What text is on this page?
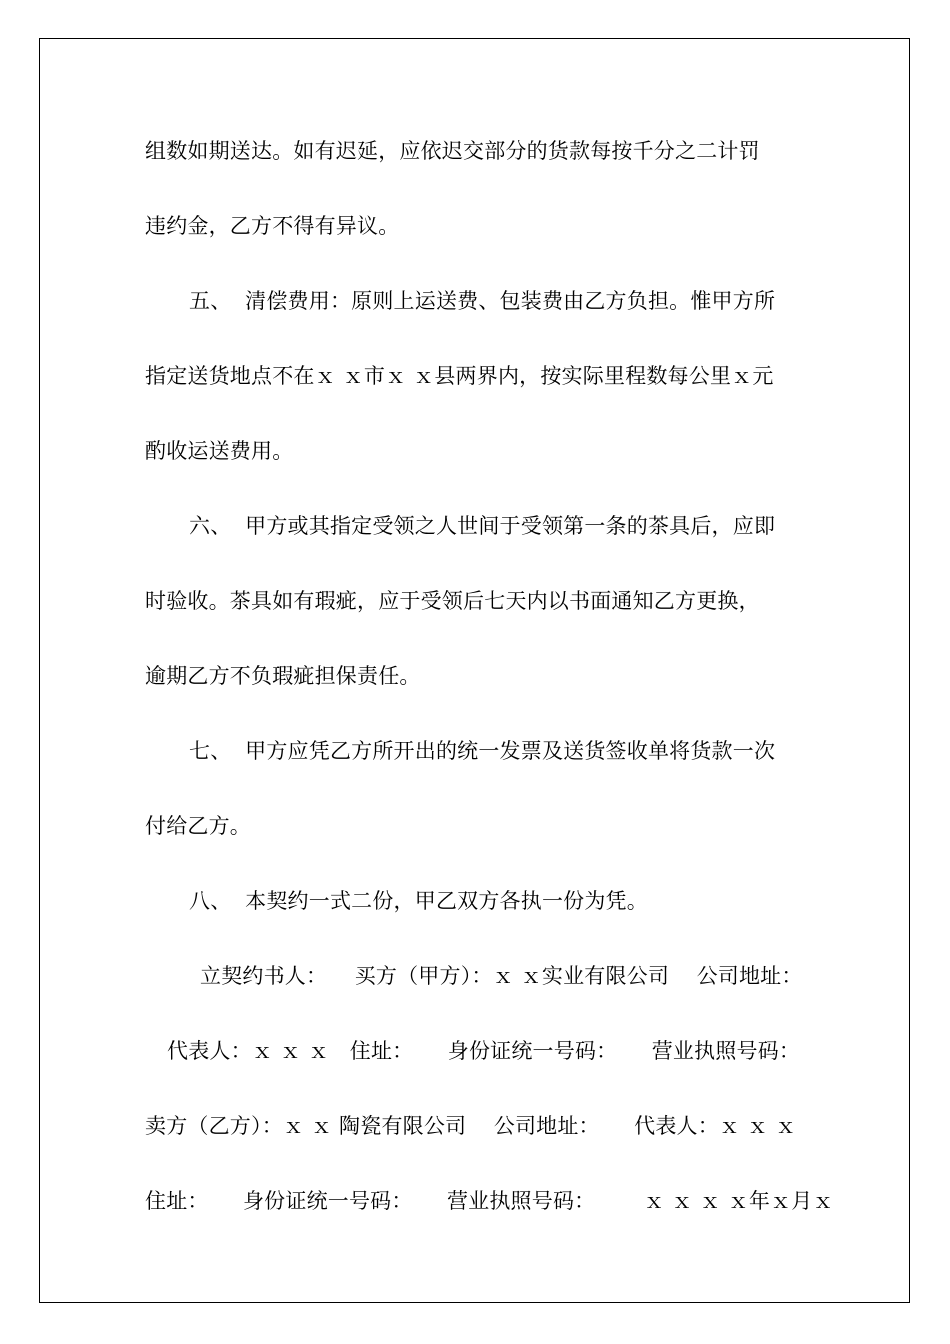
组数如期送达。如有迟延，应依迟交部分的货款每按千分之二计罚
违约金，乙方不得有异议。
五、  清偿费用：原则上运送费、包装费由乙方负担。惟甲方所
指定送货地点不在ｘ ｘ市ｘ ｘ县两界内，按实际里程数每公里ｘ元
酌收运送费用。
六、  甲方或其指定受领之人世间于受领第一条的茶具后，应即
时验收。茶具如有瑕疵，应于受领后七天内以书面通知乙方更换，
逾期乙方不负瑕疵担保责任。
七、  甲方应凭乙方所开出的统一发票及送货签收单将货款一次
付给乙方。
八、  本契约一式二份，甲乙双方各执一份为凭。
立契约书人：    买方（甲方）：ｘ ｘ实业有限公司    公司地址：
代表人：ｘ ｘ ｘ   住址：     身份证统一号码：     营业执照号码：
卖方（乙方）：ｘ ｘ 陶瓷有限公司    公司地址：     代表人：ｘ ｘ ｘ
住址：     身份证统一号码：     营业执照号码：       ｘ ｘ ｘ ｘ年ｘ月ｘ
